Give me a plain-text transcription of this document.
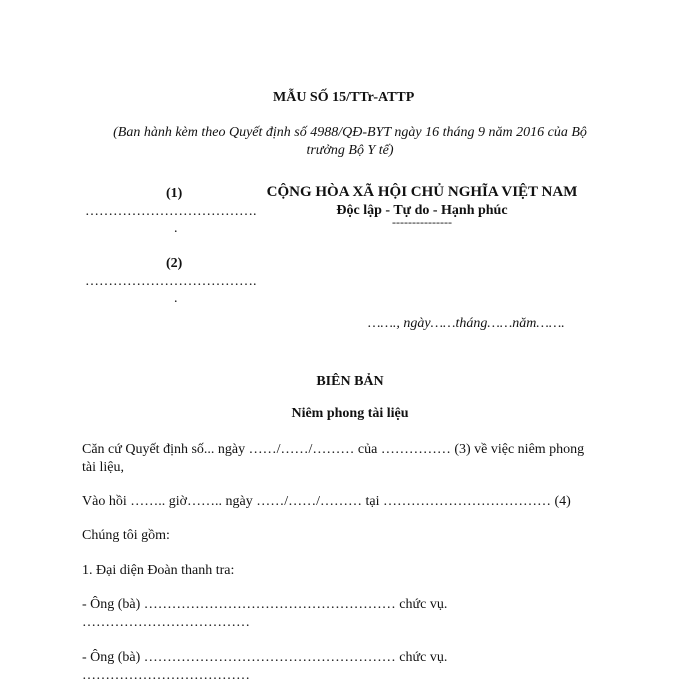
MẪU SỐ 15/TTr-ATTP
(Ban hành kèm theo Quyết định số 4988/QĐ-BYT ngày 16 tháng 9 năm 2016 của Bộ
trưởng Bộ Y tế)
(1)
……………………………….
.
(2)
……………………………….
.
CỘNG HÒA XÃ HỘI CHỦ NGHĨA VIỆT NAM
Độc lập - Tự do - Hạnh phúc
---------------
……., ngày……tháng……năm…….
BIÊN BẢN
Niêm phong tài liệu
Căn cứ Quyết định số... ngày ……/……/……… của …………… (3) về việc niêm phong
tài liệu,
Vào hồi …….. giờ…….. ngày ……/……/……… tại ……………………………… (4)
Chúng tôi gồm:
1. Đại diện Đoàn thanh tra:
- Ông (bà) ……………………………………………… chức vụ.
………………………………
- Ông (bà) ……………………………………………… chức vụ.
………………………………
